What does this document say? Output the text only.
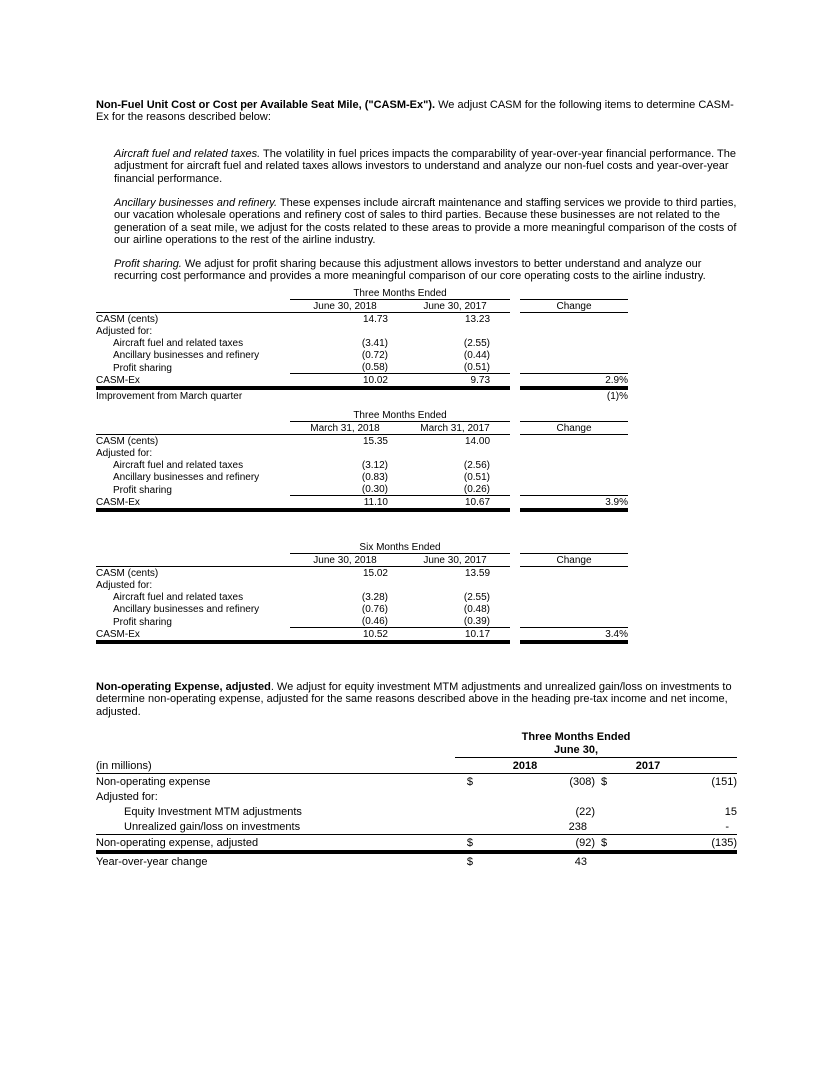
Non-Fuel Unit Cost or Cost per Available Seat Mile, ("CASM-Ex"). We adjust CASM for the following items to determine CASM-Ex for the reasons described below:
Aircraft fuel and related taxes. The volatility in fuel prices impacts the comparability of year-over-year financial performance. The adjustment for aircraft fuel and related taxes allows investors to understand and analyze our non-fuel costs and year-over-year financial performance.
Ancillary businesses and refinery. These expenses include aircraft maintenance and staffing services we provide to third parties, our vacation wholesale operations and refinery cost of sales to third parties. Because these businesses are not related to the generation of a seat mile, we adjust for the costs related to these areas to provide a more meaningful comparison of the costs of our airline operations to the rest of the airline industry.
Profit sharing. We adjust for profit sharing because this adjustment allows investors to better understand and analyze our recurring cost performance and provides a more meaningful comparison of our core operating costs to the airline industry.
	Three Months Ended			
	June 30, 2018	June 30, 2017		Change
CASM (cents)	14.73	13.23		
Adjusted for:				
Aircraft fuel and related taxes	(3.41)	(2.55)		
Ancillary businesses and refinery	(0.72)	(0.44)		
Profit sharing	(0.58)	(0.51)		
CASM-Ex	10.02	9.73		2.9%
Improvement from March quarter				(1)%
	Three Months Ended			
	March 31, 2018	March 31, 2017		Change
CASM (cents)	15.35	14.00		
Adjusted for:				
Aircraft fuel and related taxes	(3.12)	(2.56)		
Ancillary businesses and refinery	(0.83)	(0.51)		
Profit sharing	(0.30)	(0.26)		
CASM-Ex	11.10	10.67		3.9%
	Six Months Ended			
	June 30, 2018	June 30, 2017		Change
CASM (cents)	15.02	13.59		
Adjusted for:				
Aircraft fuel and related taxes	(3.28)	(2.55)		
Ancillary businesses and refinery	(0.76)	(0.48)		
Profit sharing	(0.46)	(0.39)		
CASM-Ex	10.52	10.17		3.4%
Non-operating Expense, adjusted. We adjust for equity investment MTM adjustments and unrealized gain/loss on investments to determine non-operating expense, adjusted for the same reasons described above in the heading pre-tax income and net income, adjusted.

	Three Months Ended
June 30,			

(in millions)	2018		2017	
Non-operating expense	$	(308)	$	(151)
Adjusted for:				
Equity Investment MTM adjustments		(22)		15
Unrealized gain/loss on investments		238		-
Non-operating expense, adjusted	$	(92)	$	(135)
Year-over-year change	$	43		
